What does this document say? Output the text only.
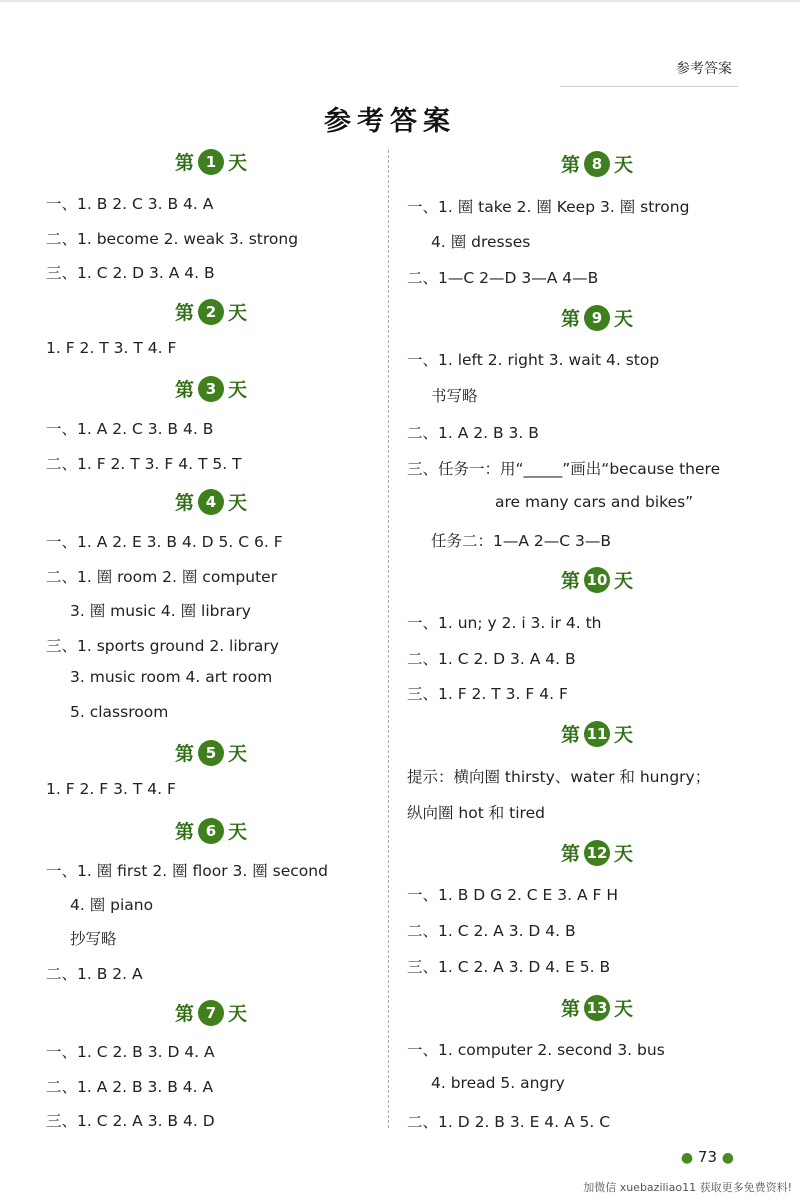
参考答案
参考答案
第 1 天
一、1. B 2. C 3. B 4. A
二、1. become 2. weak 3. strong
三、1. C 2. D 3. A 4. B
第 2 天
1. F 2. T 3. T 4. F
第 3 天
一、1. A 2. C 3. B 4. B
二、1. F 2. T 3. F 4. T 5. T
第 4 天
一、1. A 2. E 3. B 4. D 5. C 6. F
二、1. 圈 room 2. 圈 computer
3. 圈 music 4. 圈 library
三、1. sports ground 2. library
3. music room 4. art room
5. classroom
第 5 天
1. F 2. F 3. T 4. F
第 6 天
一、1. 圈 first 2. 圈 floor 3. 圈 second
4. 圈 piano
抄写略
二、1. B 2. A
第 7 天
一、1. C 2. B 3. D 4. A
二、1. A 2. B 3. B 4. A
三、1. C 2. A 3. B 4. D
第 8 天
一、1. 圈 take 2. 圈 Keep 3. 圈 strong
4. 圈 dresses
二、1—C 2—D 3—A 4—B
第 9 天
一、1. left 2. right 3. wait 4. stop
书写略
二、1. A 2. B 3. B
三、任务一：用“_____”画出“because there
are many cars and bikes”
任务二：1—A 2—C 3—B
第 10 天
一、1. un; y 2. i 3. ir 4. th
二、1. C 2. D 3. A 4. B
三、1. F 2. T 3. F 4. F
第 11 天
提示：横向圈 thirsty、water 和 hungry；
纵向圈 hot 和 tired
第 12 天
一、1. B D G 2. C E 3. A F H
二、1. C 2. A 3. D 4. B
三、1. C 2. A 3. D 4. E 5. B
第 13 天
一、1. computer 2. second 3. bus
4. bread 5. angry
二、1. D 2. B 3. E 4. A 5. C
● 73 ●
加微信 xuebaziliao11 获取更多免费资料!
